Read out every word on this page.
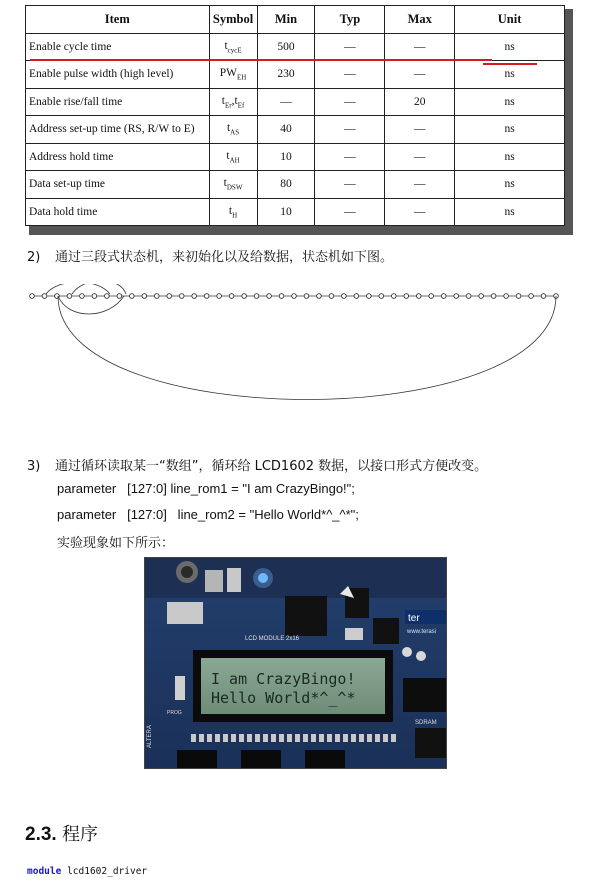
Item	Symbol	Min	Typ	Max	Unit
Enable cycle time	$t_{cycE}$	500	—	—	ns
Enable pulse width (high level)	$PW_{EH}$	230	—	—	ns
Enable rise/fall time	$t_{Er},t_{Ef}$	—	—	20	ns
Address set-up time (RS, R/W to E)	$t_{AS}$	40	—	—	ns
Address hold time	$t_{AH}$	10	—	—	ns
Data set-up time	$t_{DSW}$	80	—	—	ns
Data hold time	$t_H$	10	—	—	ns
2) 通过三段式状态机，来初始化以及给数据，状态机如下图。
3) 通过循环读取某一“数组”，循环给 LCD1602 数据，以接口形式方便改变。
parameter   [127:0] line_rom1 = "I am CrazyBingo!";
parameter   [127:0]   line_rom2 = "Hello World*^_^*";
实验现象如下所示：
ter
www.terasi
LCD MODULE 2x16
I am CrazyBingo!
Hello World*^_^*
PROG
ALTERA
SDRAM
2.3. 程序
module lcd1602_driver
